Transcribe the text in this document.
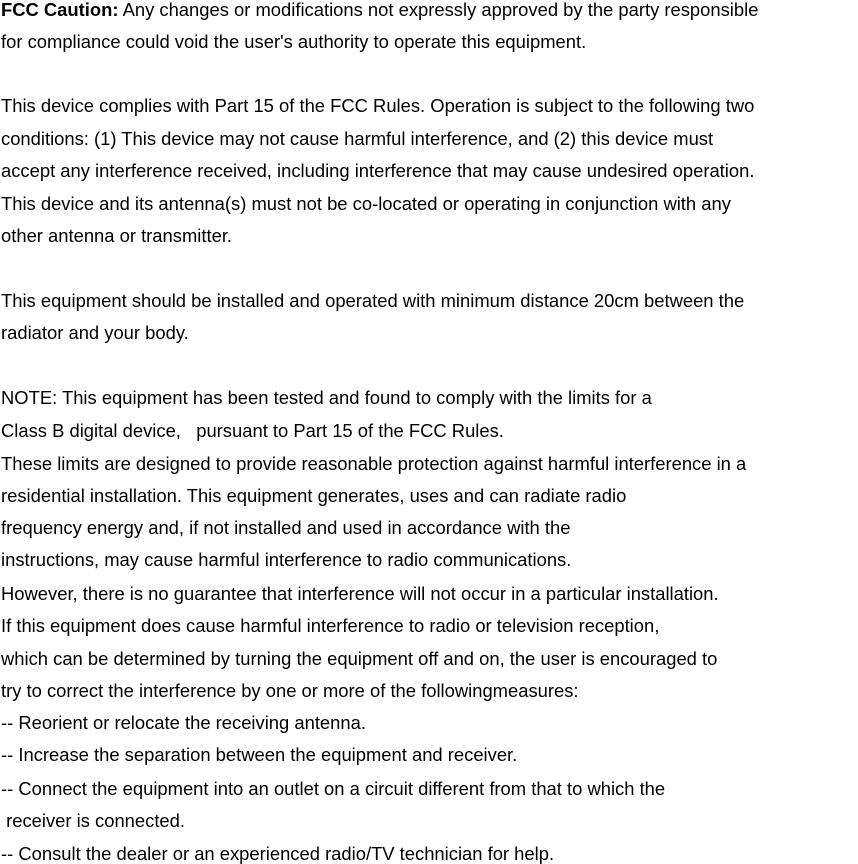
FCC Caution: Any changes or modifications not expressly approved by the party responsible
for compliance could void the user's authority to operate this equipment.
This device complies with Part 15 of the FCC Rules. Operation is subject to the following two
conditions: (1) This device may not cause harmful interference, and (2) this device must
accept any interference received, including interference that may cause undesired operation.
This device and its antenna(s) must not be co-located or operating in conjunction with any
other antenna or transmitter.
This equipment should be installed and operated with minimum distance 20cm between the
radiator and your body.
NOTE: This equipment has been tested and found to comply with the limits for a
Class B digital device,   pursuant to Part 15 of the FCC Rules.
These limits are designed to provide reasonable protection against harmful interference in a
residential installation. This equipment generates, uses and can radiate radio
frequency energy and, if not installed and used in accordance with the
instructions, may cause harmful interference to radio communications.
However, there is no guarantee that interference will not occur in a particular installation.
If this equipment does cause harmful interference to radio or television reception,
which can be determined by turning the equipment off and on, the user is encouraged to
try to correct the interference by one or more of the followingmeasures:
-- Reorient or relocate the receiving antenna.
-- Increase the separation between the equipment and receiver.
-- Connect the equipment into an outlet on a circuit different from that to which the
receiver is connected.
-- Consult the dealer or an experienced radio/TV technician for help.
